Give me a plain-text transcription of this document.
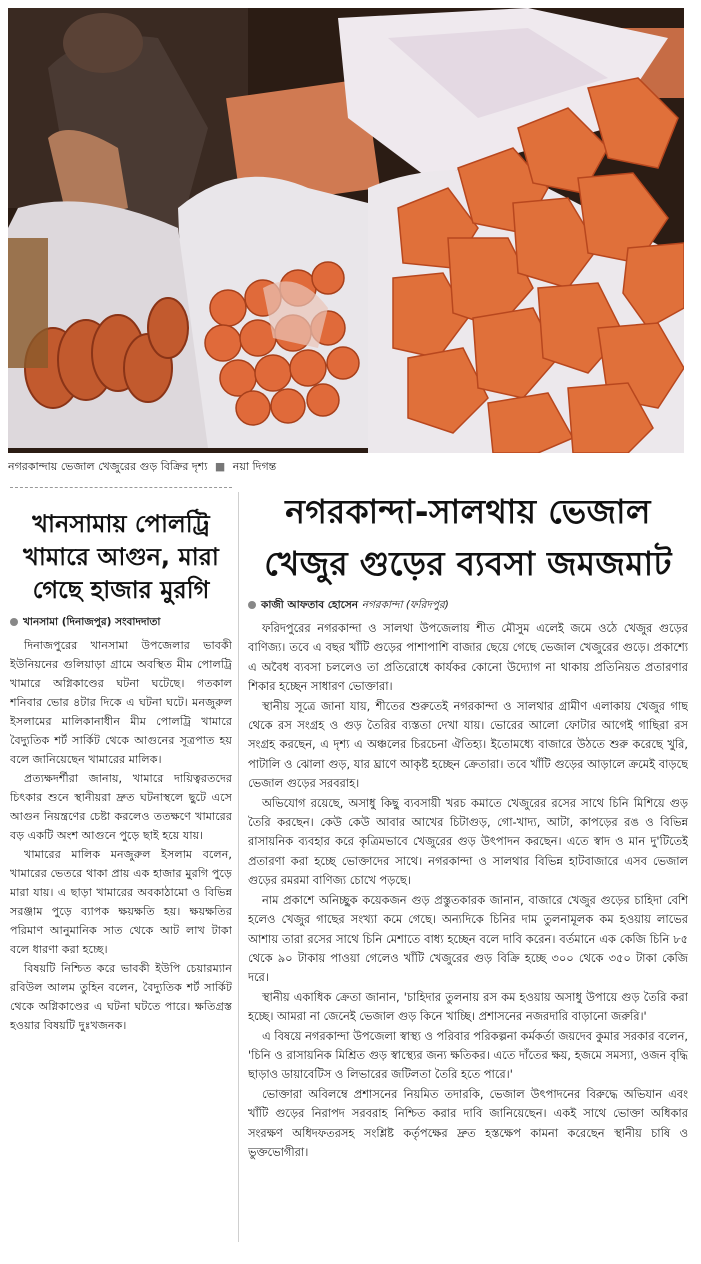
নগরকান্দায় ভেজাল খেজুরের গুড় বিক্রির দৃশ্য ■ নয়া দিগন্ত
খানসামায় পোলট্রি খামারে আগুন, মারা গেছে হাজার মুরগি
খানসামা (দিনাজপুর) সংবাদদাতা

দিনাজপুরের খানসামা উপজেলার ভাবকী ইউনিয়নের গুলিয়াড়া গ্রামে অবস্থিত মীম পোলট্রি খামারে অগ্নিকাণ্ডের ঘটনা ঘটেছে। গতকাল শনিবার ভোর ৪টার দিকে এ ঘটনা ঘটে। মনজুরুল ইসলামের মালিকানাধীন মীম পোলট্রি খামারে বৈদ্যুতিক শর্ট সার্কিট থেকে আগুনের সূত্রপাত হয় বলে জানিয়েছেন খামারের মালিক।

প্রত্যক্ষদর্শীরা জানায়, খামারে দায়িত্বরতদের চিৎকার শুনে স্থানীয়রা দ্রুত ঘটনাস্থলে ছুটে এসে আগুন নিয়ন্ত্রণের চেষ্টা করলেও ততক্ষণে খামারের বড় একটি অংশ আগুনে পুড়ে ছাই হয়ে যায়।

খামারের মালিক মনজুরুল ইসলাম বলেন, খামারের ভেতরে থাকা প্রায় এক হাজার মুরগি পুড়ে মারা যায়। এ ছাড়া খামারের অবকাঠামো ও বিভিন্ন সরঞ্জাম পুড়ে ব্যাপক ক্ষয়ক্ষতি হয়। ক্ষয়ক্ষতির পরিমাণ আনুমানিক সাত থেকে আট লাখ টাকা বলে ধারণা করা হচ্ছে।

বিষয়টি নিশ্চিত করে ভাবকী ইউপি চেয়ারম্যান রবিউল আলম তুহিন বলেন, বৈদ্যুতিক শর্ট সার্কিট থেকে অগ্নিকাণ্ডের এ ঘটনা ঘটতে পারে। ক্ষতিগ্রস্ত হওয়ার বিষয়টি দুঃখজনক।

নগরকান্দা-সালথায় ভেজাল খেজুর গুড়ের ব্যবসা জমজমাট
কাজী আফতাব হোসেন নগরকান্দা (ফরিদপুর)

ফরিদপুরের নগরকান্দা ও সালথা উপজেলায় শীত মৌসুম এলেই জমে ওঠে খেজুর গুড়ের বাণিজ্য। তবে এ বছর খাঁটি গুড়ের পাশাপাশি বাজার ছেয়ে গেছে ভেজাল খেজুরের গুড়ে। প্রকাশ্যে এ অবৈধ ব্যবসা চললেও তা প্রতিরোধে কার্যকর কোনো উদ্যোগ না থাকায় প্রতিনিয়ত প্রতারণার শিকার হচ্ছেন সাধারণ ভোক্তারা।

স্থানীয় সূত্রে জানা যায়, শীতের শুরুতেই নগরকান্দা ও সালথার গ্রামীণ এলাকায় খেজুর গাছ থেকে রস সংগ্রহ ও গুড় তৈরির ব্যস্ততা দেখা যায়। ভোরের আলো ফোটার আগেই গাছিরা রস সংগ্রহ করছেন, এ দৃশ্য এ অঞ্চলের চিরচেনা ঐতিহ্য। ইতোমধ্যে বাজারে উঠতে শুরু করেছে খুরি, পাটালি ও ঝোলা গুড়, যার ঘ্রাণে আকৃষ্ট হচ্ছেন ক্রেতারা। তবে খাঁটি গুড়ের আড়ালে ক্রমেই বাড়ছে ভেজাল গুড়ের সরবরাহ।

অভিযোগ রয়েছে, অসাধু কিছু ব্যবসায়ী খরচ কমাতে খেজুরের রসের সাথে চিনি মিশিয়ে গুড় তৈরি করছেন। কেউ কেউ আবার আখের চিটাগুড়, গো-খাদ্য, আটা, কাপড়ের রঙ ও বিভিন্ন রাসায়নিক ব্যবহার করে কৃত্রিমভাবে খেজুরের গুড় উৎপাদন করছেন। এতে স্বাদ ও মান দু'টিতেই প্রতারণা করা হচ্ছে ভোক্তাদের সাথে। নগরকান্দা ও সালথার বিভিন্ন হাটবাজারে এসব ভেজাল গুড়ের রমরমা বাণিজ্য চোখে পড়ছে।

নাম প্রকাশে অনিচ্ছুক কয়েকজন গুড় প্রস্তুতকারক জানান, বাজারে খেজুর গুড়ের চাহিদা বেশি হলেও খেজুর গাছের সংখ্যা কমে গেছে। অন্যদিকে চিনির দাম তুলনামূলক কম হওয়ায় লাভের আশায় তারা রসের সাথে চিনি মেশাতে বাধ্য হচ্ছেন বলে দাবি করেন। বর্তমানে এক কেজি চিনি ৮৫ থেকে ৯০ টাকায় পাওয়া গেলেও খাঁটি খেজুরের গুড় বিক্রি হচ্ছে ৩০০ থেকে ৩৫০ টাকা কেজি দরে।

স্থানীয় একাধিক ক্রেতা জানান, 'চাহিদার তুলনায় রস কম হওয়ায় অসাধু উপায়ে গুড় তৈরি করা হচ্ছে। আমরা না জেনেই ভেজাল গুড় কিনে খাচ্ছি। প্রশাসনের নজরদারি বাড়ানো জরুরি।'

এ বিষয়ে নগরকান্দা উপজেলা স্বাস্থ্য ও পরিবার পরিকল্পনা কর্মকর্তা জয়দেব কুমার সরকার বলেন, 'চিনি ও রাসায়নিক মিশ্রিত গুড় স্বাস্থ্যের জন্য ক্ষতিকর। এতে দাঁতের ক্ষয়, হজমে সমস্যা, ওজন বৃদ্ধি ছাড়াও ডায়াবেটিস ও লিভারের জটিলতা তৈরি হতে পারে।'

ভোক্তারা অবিলম্বে প্রশাসনের নিয়মিত তদারকি, ভেজাল উৎপাদনের বিরুদ্ধে অভিযান এবং খাঁটি গুড়ের নিরাপদ সরবরাহ নিশ্চিত করার দাবি জানিয়েছেন। একই সাথে ভোক্তা অধিকার সংরক্ষণ অধিদফতরসহ সংশ্লিষ্ট কর্তৃপক্ষের দ্রুত হস্তক্ষেপ কামনা করেছেন স্থানীয় চাষি ও ভুক্তভোগীরা।
